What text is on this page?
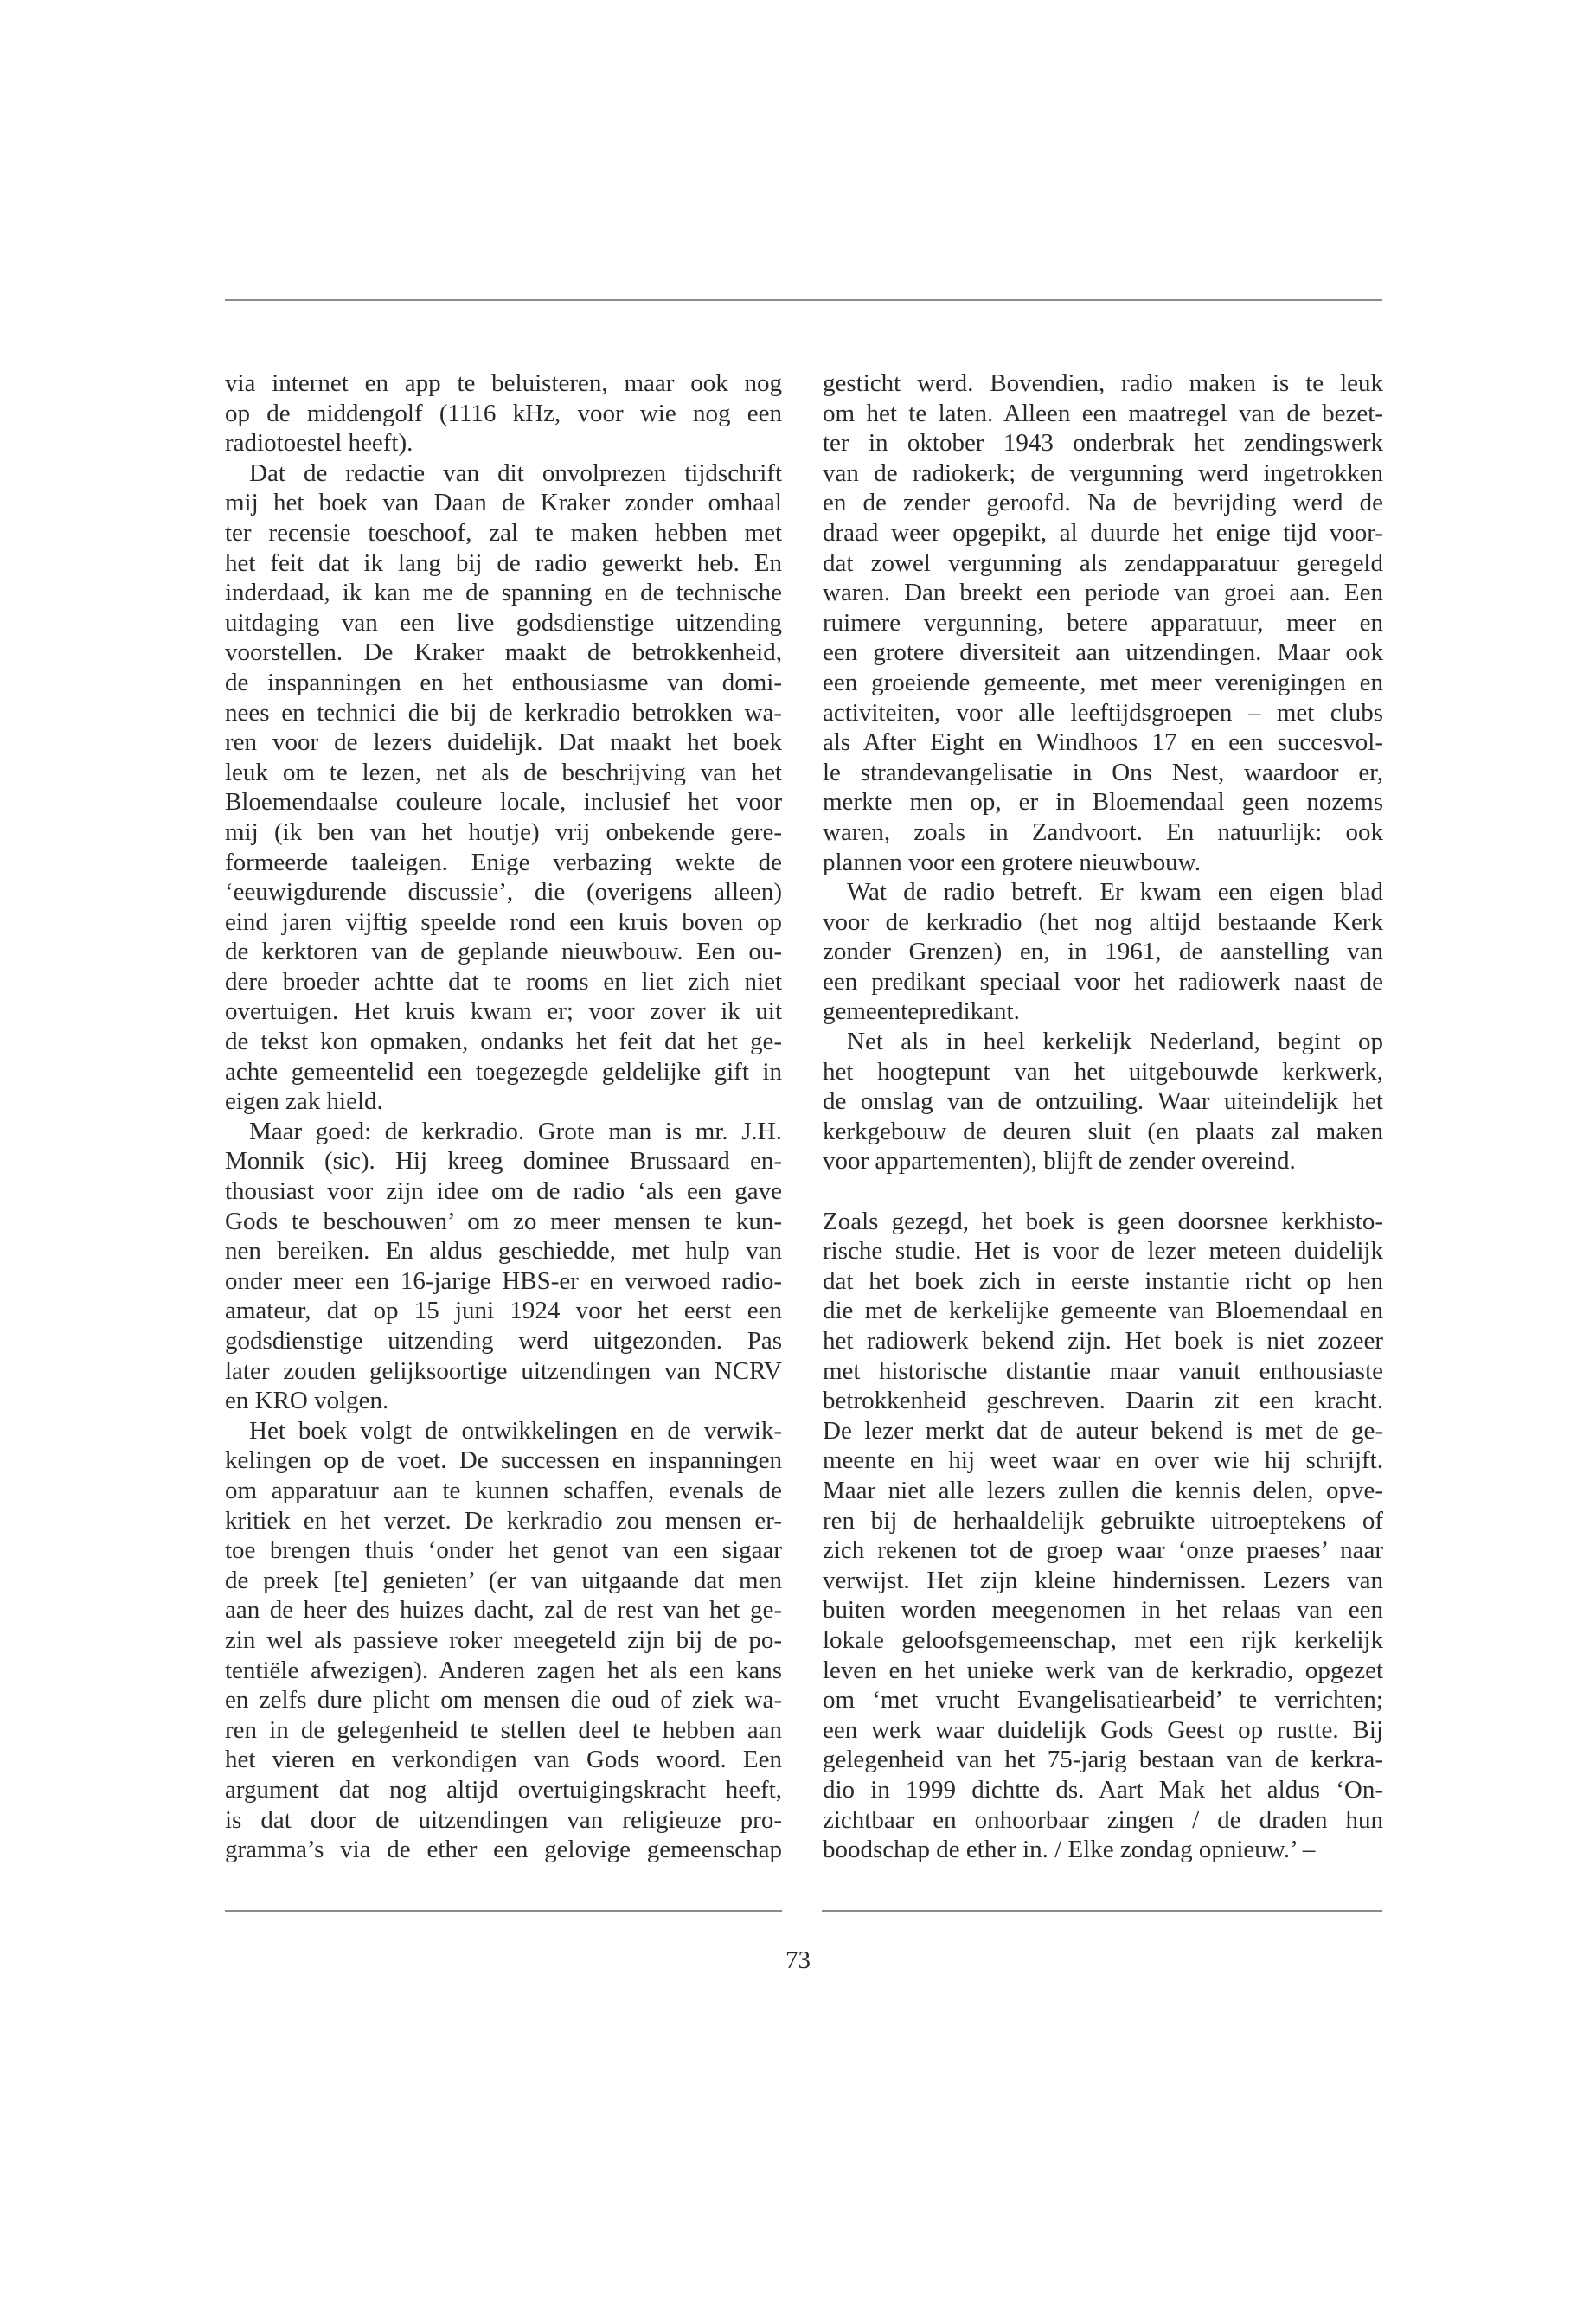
via internet en app te beluisteren, maar ook nog
op de middengolf (1116 kHz, voor wie nog een
radiotoestel heeft).
Dat de redactie van dit onvolprezen tijdschrift
mij het boek van Daan de Kraker zonder omhaal
ter recensie toeschoof, zal te maken hebben met
het feit dat ik lang bij de radio gewerkt heb. En
inderdaad, ik kan me de spanning en de technische
uitdaging van een live godsdienstige uitzending
voorstellen. De Kraker maakt de betrokkenheid,
de inspanningen en het enthousiasme van domi-
nees en technici die bij de kerkradio betrokken wa-
ren voor de lezers duidelijk. Dat maakt het boek
leuk om te lezen, net als de beschrijving van het
Bloemendaalse couleure locale, inclusief het voor
mij (ik ben van het houtje) vrij onbekende gere-
formeerde taaleigen. Enige verbazing wekte de
‘eeuwigdurende discussie’, die (overigens alleen)
eind jaren vijftig speelde rond een kruis boven op
de kerktoren van de geplande nieuwbouw. Een ou-
dere broeder achtte dat te rooms en liet zich niet
overtuigen. Het kruis kwam er; voor zover ik uit
de tekst kon opmaken, ondanks het feit dat het ge-
achte gemeentelid een toegezegde geldelijke gift in
eigen zak hield.
Maar goed: de kerkradio. Grote man is mr. J.H.
Monnik (sic). Hij kreeg dominee Brussaard en-
thousiast voor zijn idee om de radio ‘als een gave
Gods te beschouwen’ om zo meer mensen te kun-
nen bereiken. En aldus geschiedde, met hulp van
onder meer een 16-jarige HBS-er en verwoed radio-
amateur, dat op 15 juni 1924 voor het eerst een
godsdienstige uitzending werd uitgezonden. Pas
later zouden gelijksoortige uitzendingen van NCRV
en KRO volgen.
Het boek volgt de ontwikkelingen en de verwik-
kelingen op de voet. De successen en inspanningen
om apparatuur aan te kunnen schaffen, evenals de
kritiek en het verzet. De kerkradio zou mensen er-
toe brengen thuis ‘onder het genot van een sigaar
de preek [te] genieten’ (er van uitgaande dat men
aan de heer des huizes dacht, zal de rest van het ge-
zin wel als passieve roker meegeteld zijn bij de po-
tentiële afwezigen). Anderen zagen het als een kans
en zelfs dure plicht om mensen die oud of ziek wa-
ren in de gelegenheid te stellen deel te hebben aan
het vieren en verkondigen van Gods woord. Een
argument dat nog altijd overtuigingskracht heeft,
is dat door de uitzendingen van religieuze pro-
gramma’s via de ether een gelovige gemeenschap
gesticht werd. Bovendien, radio maken is te leuk
om het te laten. Alleen een maatregel van de bezet-
ter in oktober 1943 onderbrak het zendingswerk
van de radiokerk; de vergunning werd ingetrokken
en de zender geroofd. Na de bevrijding werd de
draad weer opgepikt, al duurde het enige tijd voor-
dat zowel vergunning als zendapparatuur geregeld
waren. Dan breekt een periode van groei aan. Een
ruimere vergunning, betere apparatuur, meer en
een grotere diversiteit aan uitzendingen. Maar ook
een groeiende gemeente, met meer verenigingen en
activiteiten, voor alle leeftijdsgroepen – met clubs
als After Eight en Windhoos 17 en een succesvol-
le strandevangelisatie in Ons Nest, waardoor er,
merkte men op, er in Bloemendaal geen nozems
waren, zoals in Zandvoort. En natuurlijk: ook
plannen voor een grotere nieuwbouw.
Wat de radio betreft. Er kwam een eigen blad
voor de kerkradio (het nog altijd bestaande Kerk
zonder Grenzen) en, in 1961, de aanstelling van
een predikant speciaal voor het radiowerk naast de
gemeentepredikant.
Net als in heel kerkelijk Nederland, begint op
het hoogtepunt van het uitgebouwde kerkwerk,
de omslag van de ontzuiling. Waar uiteindelijk het
kerkgebouw de deuren sluit (en plaats zal maken
voor appartementen), blijft de zender overeind.
Zoals gezegd, het boek is geen doorsnee kerkhisto-
rische studie. Het is voor de lezer meteen duidelijk
dat het boek zich in eerste instantie richt op hen
die met de kerkelijke gemeente van Bloemendaal en
het radiowerk bekend zijn. Het boek is niet zozeer
met historische distantie maar vanuit enthousiaste
betrokkenheid geschreven. Daarin zit een kracht.
De lezer merkt dat de auteur bekend is met de ge-
meente en hij weet waar en over wie hij schrijft.
Maar niet alle lezers zullen die kennis delen, opve-
ren bij de herhaaldelijk gebruikte uitroeptekens of
zich rekenen tot de groep waar ‘onze praeses’ naar
verwijst. Het zijn kleine hindernissen. Lezers van
buiten worden meegenomen in het relaas van een
lokale geloofsgemeenschap, met een rijk kerkelijk
leven en het unieke werk van de kerkradio, opgezet
om ‘met vrucht Evangelisatiearbeid’ te verrichten;
een werk waar duidelijk Gods Geest op rustte. Bij
gelegenheid van het 75-jarig bestaan van de kerkra-
dio in 1999 dichtte ds. Aart Mak het aldus ‘On-
zichtbaar en onhoorbaar zingen / de draden hun
boodschap de ether in. / Elke zondag opnieuw.’ –
73
